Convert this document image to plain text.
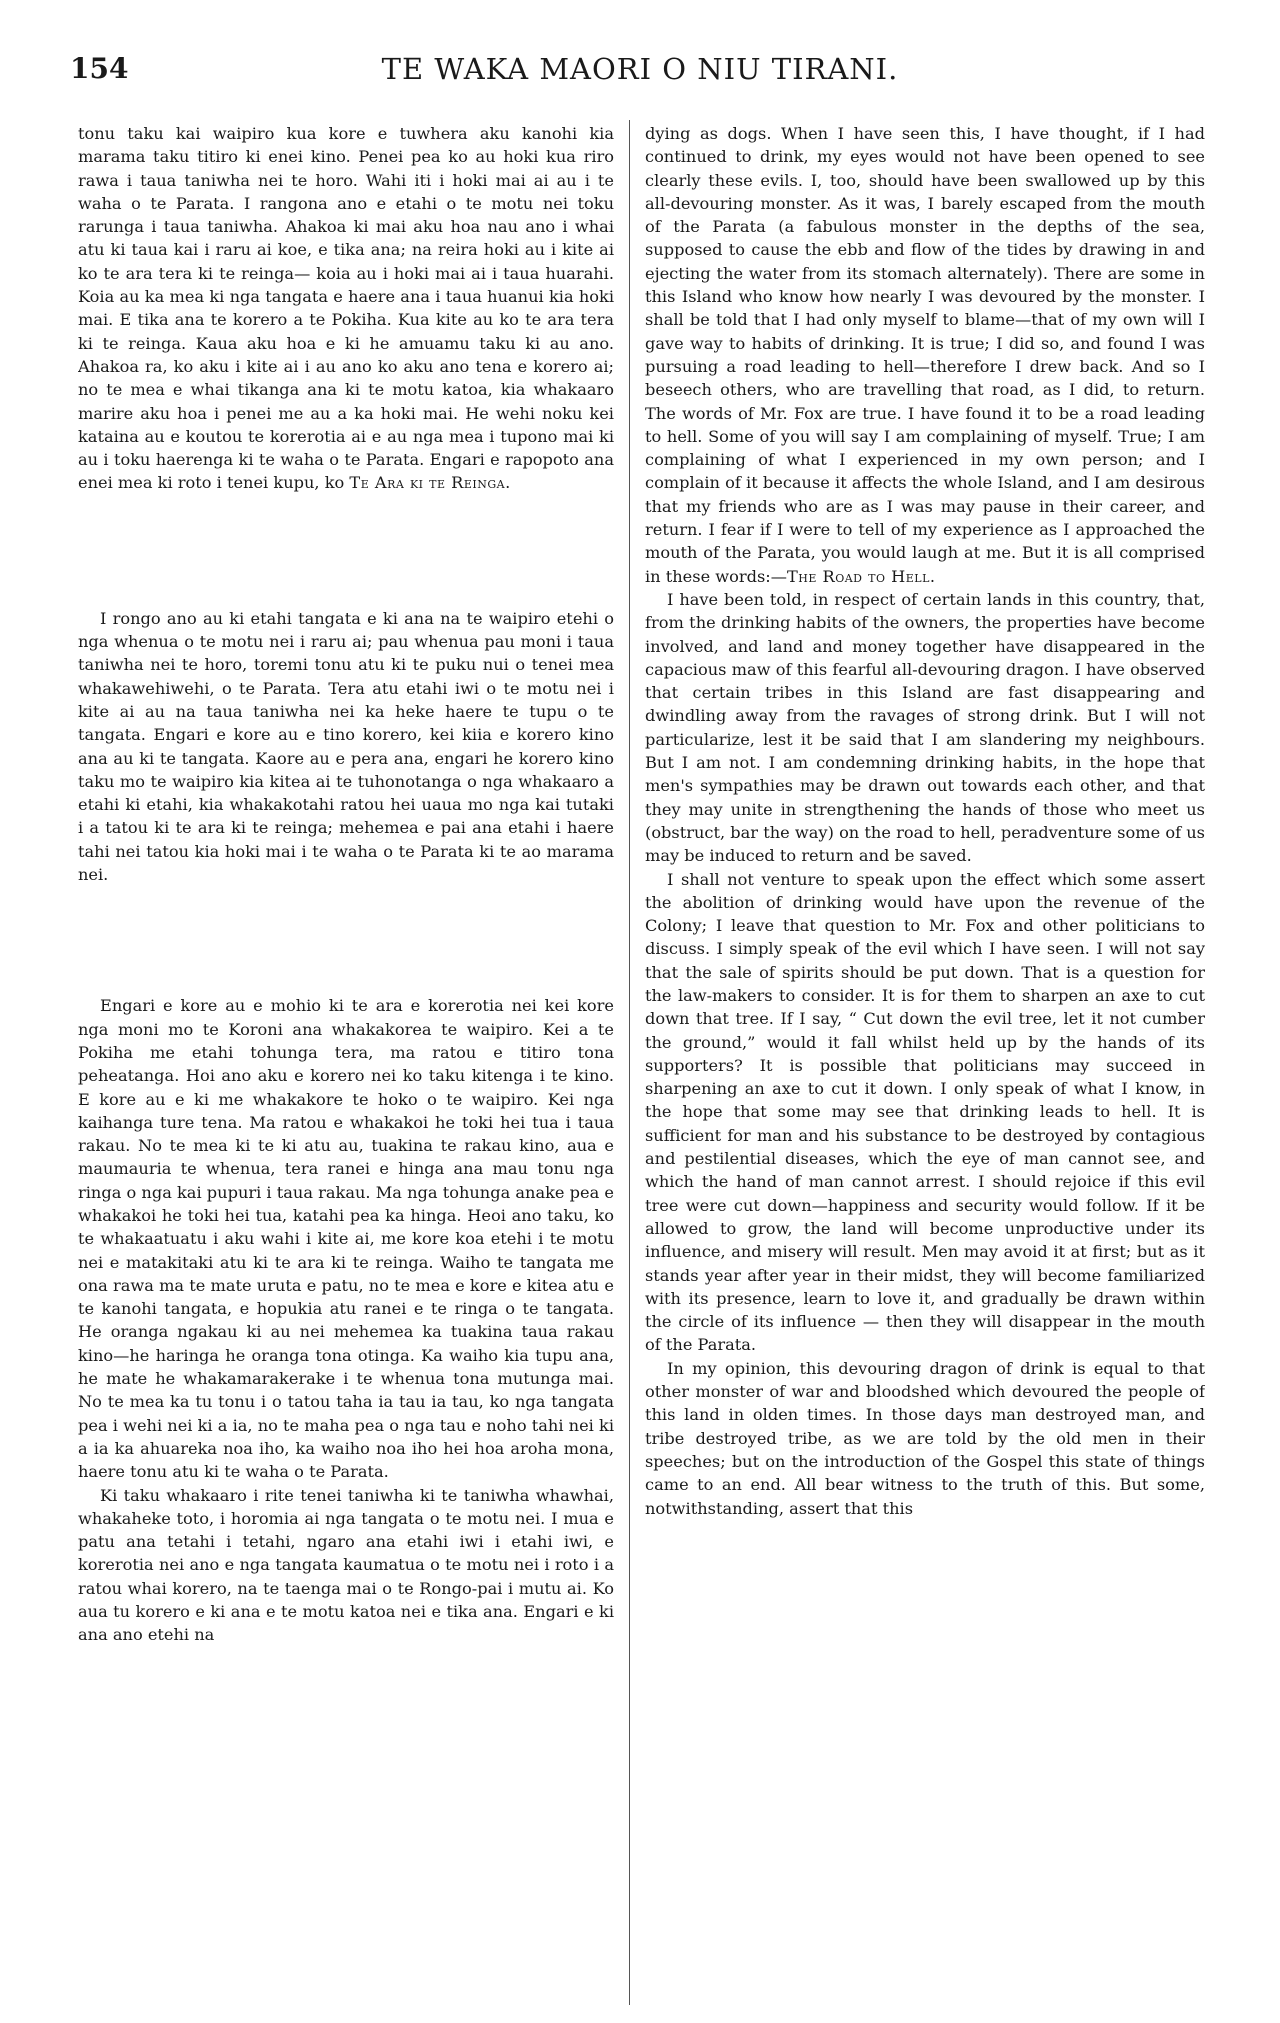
154	TE WAKA MAORI O NIU TIRANI.

tonu taku kai waipiro kua kore e tuwhera aku kanohi kia marama taku titiro ki enei kino. Penei pea ko au hoki kua riro rawa i taua taniwha nei te horo. Wahi iti i hoki mai ai au i te waha o te Parata. I rangona ano e etahi o te motu nei toku rarunga i taua taniwha. Ahakoa ki mai aku hoa nau ano i whai atu ki taua kai i raru ai koe, e tika ana; na reira hoki au i kite ai ko te ara tera ki te reinga— koia au i hoki mai ai i taua huarahi. Koia au ka mea ki nga tangata e haere ana i taua huanui kia hoki mai. E tika ana te korero a te Pokiha. Kua kite au ko te ara tera ki te reinga. Kaua aku hoa e ki he amuamu taku ki au ano. Ahakoa ra, ko aku i kite ai i au ano ko aku ano tena e korero ai; no te mea e whai tikanga ana ki te motu katoa, kia whakaaro marire aku hoa i penei me au a ka hoki mai. He wehi noku kei kataina au e koutou te korerotia ai e au nga mea i tupono mai ki au i toku haerenga ki te waha o te Parata. Engari e rapopoto ana enei mea ki roto i tenei kupu, ko Te Ara ki te Reinga.

I rongo ano au ki etahi tangata e ki ana na te waipiro etehi o nga whenua o te motu nei i raru ai; pau whenua pau moni i taua taniwha nei te horo, toremi tonu atu ki te puku nui o tenei mea whakawehiwehi, o te Parata. Tera atu etahi iwi o te motu nei i kite ai au na taua taniwha nei ka heke haere te tupu o te tangata. Engari e kore au e tino korero, kei kiia e korero kino ana au ki te tangata. Kaore au e pera ana, engari he korero kino taku mo te waipiro kia kitea ai te tuhonotanga o nga whakaaro a etahi ki etahi, kia whakakotahi ratou hei uaua mo nga kai tutaki i a tatou ki te ara ki te reinga; mehemea e pai ana etahi i haere tahi nei tatou kia hoki mai i te waha o te Parata ki te ao marama nei.

Engari e kore au e mohio ki te ara e korerotia nei kei kore nga moni mo te Koroni ana whakakorea te waipiro. Kei a te Pokiha me etahi tohunga tera, ma ratou e titiro tona peheatanga. Hoi ano aku e korero nei ko taku kitenga i te kino. E kore au e ki me whakakore te hoko o te waipiro. Kei nga kaihanga ture tena. Ma ratou e whakakoi he toki hei tua i taua rakau. No te mea ki te ki atu au, tuakina te rakau kino, aua e maumauria te whenua, tera ranei e hinga ana mau tonu nga ringa o nga kai pupuri i taua rakau. Ma nga tohunga anake pea e whakakoi he toki hei tua, katahi pea ka hinga. Heoi ano taku, ko te whakaatuatu i aku wahi i kite ai, me kore koa etehi i te motu nei e matakitaki atu ki te ara ki te reinga. Waiho te tangata me ona rawa ma te mate uruta e patu, no te mea e kore e kitea atu e te kanohi tangata, e hopukia atu ranei e te ringa o te tangata. He oranga ngakau ki au nei mehemea ka tuakina taua rakau kino—he haringa he oranga tona otinga. Ka waiho kia tupu ana, he mate he whakamarakerake i te whenua tona mutunga mai. No te mea ka tu tonu i o tatou taha ia tau ia tau, ko nga tangata pea i wehi nei ki a ia, no te maha pea o nga tau e noho tahi nei ki a ia ka ahuareka noa iho, ka waiho noa iho hei hoa aroha mona, haere tonu atu ki te waha o te Parata.

Ki taku whakaaro i rite tenei taniwha ki te taniwha whawhai, whakaheke toto, i horomia ai nga tangata o te motu nei. I mua e patu ana tetahi i tetahi, ngaro ana etahi iwi i etahi iwi, e korerotia nei ano e nga tangata kaumatua o te motu nei i roto i a ratou whai korero, na te taenga mai o te Rongo-pai i mutu ai. Ko aua tu korero e ki ana e te motu katoa nei e tika ana. Engari e ki ana ano etehi na

dying as dogs. When I have seen this, I have thought, if I had continued to drink, my eyes would not have been opened to see clearly these evils. I, too, should have been swallowed up by this all-devouring monster. As it was, I barely escaped from the mouth of the Parata (a fabulous monster in the depths of the sea, supposed to cause the ebb and flow of the tides by drawing in and ejecting the water from its stomach alternately). There are some in this Island who know how nearly I was devoured by the monster. I shall be told that I had only myself to blame—that of my own will I gave way to habits of drinking. It is true; I did so, and found I was pursuing a road leading to hell—therefore I drew back. And so I beseech others, who are travelling that road, as I did, to return. The words of Mr. Fox are true. I have found it to be a road leading to hell. Some of you will say I am complaining of myself. True; I am complaining of what I experienced in my own person; and I complain of it because it affects the whole Island, and I am desirous that my friends who are as I was may pause in their career, and return. I fear if I were to tell of my experience as I approached the mouth of the Parata, you would laugh at me. But it is all comprised in these words:—The Road to Hell.

I have been told, in respect of certain lands in this country, that, from the drinking habits of the owners, the properties have become involved, and land and money together have disappeared in the capacious maw of this fearful all-devouring dragon. I have observed that certain tribes in this Island are fast disappearing and dwindling away from the ravages of strong drink. But I will not particularize, lest it be said that I am slandering my neighbours. But I am not. I am condemning drinking habits, in the hope that men's sympathies may be drawn out towards each other, and that they may unite in strengthening the hands of those who meet us (obstruct, bar the way) on the road to hell, peradventure some of us may be induced to return and be saved.

I shall not venture to speak upon the effect which some assert the abolition of drinking would have upon the revenue of the Colony; I leave that question to Mr. Fox and other politicians to discuss. I simply speak of the evil which I have seen. I will not say that the sale of spirits should be put down. That is a question for the law-makers to consider. It is for them to sharpen an axe to cut down that tree. If I say, “ Cut down the evil tree, let it not cumber the ground,” would it fall whilst held up by the hands of its supporters? It is possible that politicians may succeed in sharpening an axe to cut it down. I only speak of what I know, in the hope that some may see that drinking leads to hell. It is sufficient for man and his substance to be destroyed by contagious and pestilential diseases, which the eye of man cannot see, and which the hand of man cannot arrest. I should rejoice if this evil tree were cut down—happiness and security would follow. If it be allowed to grow, the land will become unproductive under its influence, and misery will result. Men may avoid it at first; but as it stands year after year in their midst, they will become familiarized with its presence, learn to love it, and gradually be drawn within the circle of its influence — then they will disappear in the mouth of the Parata.

In my opinion, this devouring dragon of drink is equal to that other monster of war and bloodshed which devoured the people of this land in olden times. In those days man destroyed man, and tribe destroyed tribe, as we are told by the old men in their speeches; but on the introduction of the Gospel this state of things came to an end. All bear witness to the truth of this. But some, notwithstanding, assert that this
